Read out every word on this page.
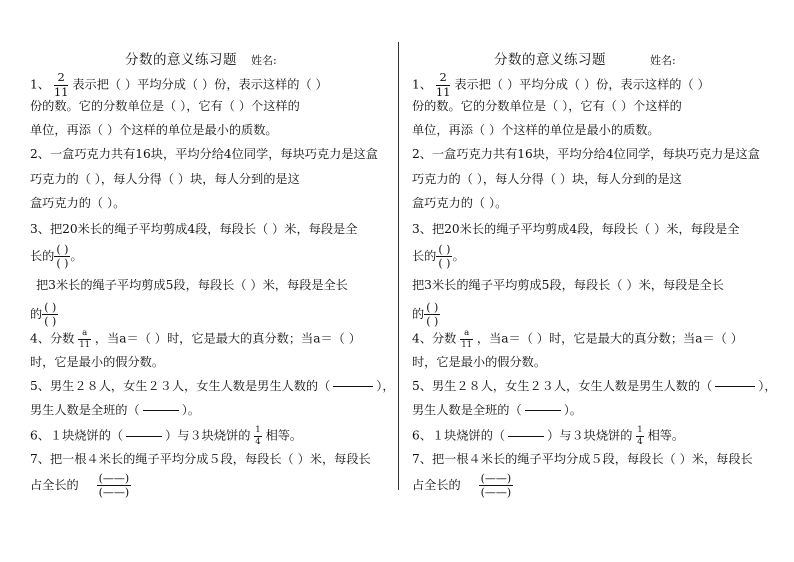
分数的意义练习题 姓名:
1、 $\frac{2}{11}$ 表示把（ ）平均分成（ ）份，表示这样的（ ）
份的数。它的分数单位是（ ），它有（ ）个这样的
单位，再添（ ）个这样的单位是最小的质数。
2、一盒巧克力共有16块，平均分给4位同学，每块巧克力是这盒
巧克力的（ ），每人分得（ ）块，每人分到的是这
盒巧克力的（ ）。
3、把20米长的绳子平均剪成4段，每段长（ ）米，每段是全
长的 ( )
( )
。
把3米长的绳子平均剪成5段，每段长（ ）米，每段是全长
的 ( )
( )
4、分数 $\frac{a}{11}$ ，当a＝（ ）时，它是最大的真分数；当a＝（ ）
时，它是最小的假分数。
5、男生２８人，女生２３人，女生人数是男生人数的（	），
男生人数是全班的（	）。
6、１块烧饼的（	）与３块烧饼的 $\frac{1}{4}$ 相等。
7、把一根４米长的绳子平均分成５段，每段长（ ）米，每段长
占全长的 (——)
(——)
分数的意义练习题	姓名:
1、 $\frac{2}{11}$ 表示把（ ）平均分成（ ）份，表示这样的（ ）
份的数。它的分数单位是（ ），它有（ ）个这样的
单位，再添（ ）个这样的单位是最小的质数。
2、一盒巧克力共有16块，平均分给4位同学，每块巧克力是这盒
巧克力的（ ），每人分得（ ）块，每人分到的是这
盒巧克力的（ ）。
3、把20米长的绳子平均剪成4段，每段长（ ）米，每段是全
长的 ( )
( )
。
把3米长的绳子平均剪成5段，每段长（ ）米，每段是全长
的 ( )
( )
4、分数 $\frac{a}{11}$ ，当a＝（ ）时，它是最大的真分数；当a＝（ ）
时，它是最小的假分数。
5、男生２８人，女生２３人，女生人数是男生人数的（	），
男生人数是全班的（	）。
6、１块烧饼的（	）与３块烧饼的 $\frac{1}{4}$ 相等。
7、把一根４米长的绳子平均分成５段，每段长（ ）米，每段长
占全长的 (——)
(——)
